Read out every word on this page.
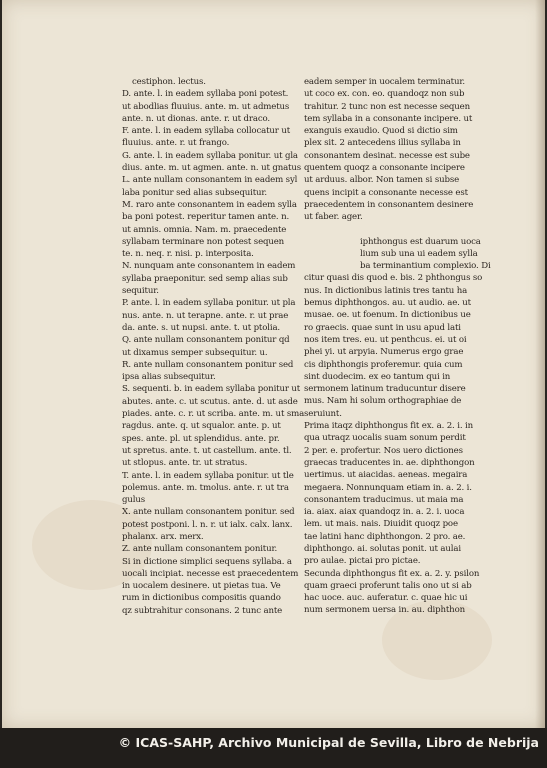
cestiphon. lectus.
D. ante. l. in eadem syllaba poni potest.
ut abodlias fluuius. ante. m. ut admetus
ante. n. ut dionas. ante. r. ut draco.
F. ante. l. in eadem syllaba collocatur ut
fluuius. ante. r. ut frango.
G. ante. l. in eadem syllaba ponitur. ut gla
dius. ante. m. ut agmen. ante. n. ut gnatus
L. ante nullam consonantem in eadem syl
laba ponitur sed alias subsequitur.
M. raro ante consonantem in eadem sylla
ba poni potest. reperitur tamen ante. n.
ut amnis. omnia. Nam. m. praecedente
syllabam terminare non potest sequen
te. n. neq. r. nisi. p. interposita.
N. nunquam ante consonantem in eadem
syllaba praeponitur. sed semp alias sub
sequitur.
P. ante. l. in eadem syllaba ponitur. ut pla
nus. ante. n. ut terapne. ante. r. ut prae
da. ante. s. ut nupsi. ante. t. ut ptolia.
Q. ante nullam consonantem ponitur qd
ut dixamus semper subsequitur. u.
R. ante nullam consonantem ponitur sed
ipsa alias subsequitur.
S. sequenti. b. in eadem syllaba ponitur ut
abutes. ante. c. ut scutus. ante. d. ut asde
piades. ante. c. r. ut scriba. ante. m. ut sma
ragdus. ante. q. ut squalor. ante. p. ut
spes. ante. pl. ut splendidus. ante. pr.
ut spretus. ante. t. ut castellum. ante. tl.
ut stlopus. ante. tr. ut stratus.
T. ante. l. in eadem syllaba ponitur. ut tle
polemus. ante. m. tmolus. ante. r. ut tra
gulus
X. ante nullam consonantem ponitur. sed
potest postponi. l. n. r. ut ialx. calx. lanx.
phalanx. arx. merx.
Z. ante nullam consonantem ponitur.
Si in dictione simplici sequens syllaba. a
uocali incipiat. necesse est praecedentem
in uocalem desinere. ut pietas tua. Ve
rum in dictionibus compositis quando
qz subtrahitur consonans. 2 tunc ante
eadem semper in uocalem terminatur.
ut coco ex. con. eo. quandoqz non sub
trahitur. 2 tunc non est necesse sequen
tem syllaba in a consonante incipere. ut
exanguis exaudio. Quod si dictio sim
plex sit. 2 antecedens illius syllaba in
consonantem desinat. necesse est sube
quentem quoqz a consonante incipere
ut arduus. albor. Non tamen si subse
quens incipit a consonante necesse est
praecedentem in consonantem desinere
ut faber. ager.
iphthongus est duarum uoca
lium sub una ui eadem sylla
ba terminantium complexio. Di
citur quasi dis quod e. bis. 2 phthongus so
nus. In dictionibus latinis tres tantu ha
bemus diphthongos. au. ut audio. ae. ut
musae. oe. ut foenum. In dictionibus ue
ro graecis. quae sunt in usu apud lati
nos item tres. eu. ut penthcus. ei. ut oi
phei yi. ut arpyia. Numerus ergo grae
cis diphthongis proferemur. quia cum
sint duodecim. ex eo tantum qui in
sermonem latinum traducuntur disere
mus. Nam hi solum orthographiae de
seruiunt.
Prima itaqz diphthongus fit ex. a. 2. i. in
qua utraqz uocalis suam sonum perdit
2 per. e. profertur. Nos uero dictiones
graecas traducentes in. ae. diphthongon
uertimus. ut aiacidas. aeneas. megaira
megaera. Nonnunquam etiam in. a. 2. i.
consonantem traducimus. ut maia ma
ia. aiax. aiax quandoqz in. a. 2. i. uoca
lem. ut mais. nais. Diuidit quoqz poe
tae latini hanc diphthongon. 2 pro. ae.
diphthongo. ai. solutas ponit. ut aulai
pro aulae. pictai pro pictae.
Secunda diphthongus fit ex. a. 2. y. psilon
quam graeci proferunt talis ono ut si ab
hac uoce. auc. auferatur. c. quae hic ui
num sermonem uersa in. au. diphthon
© ICAS-SAHP, Archivo Municipal de Sevilla, Libro de Nebrija
